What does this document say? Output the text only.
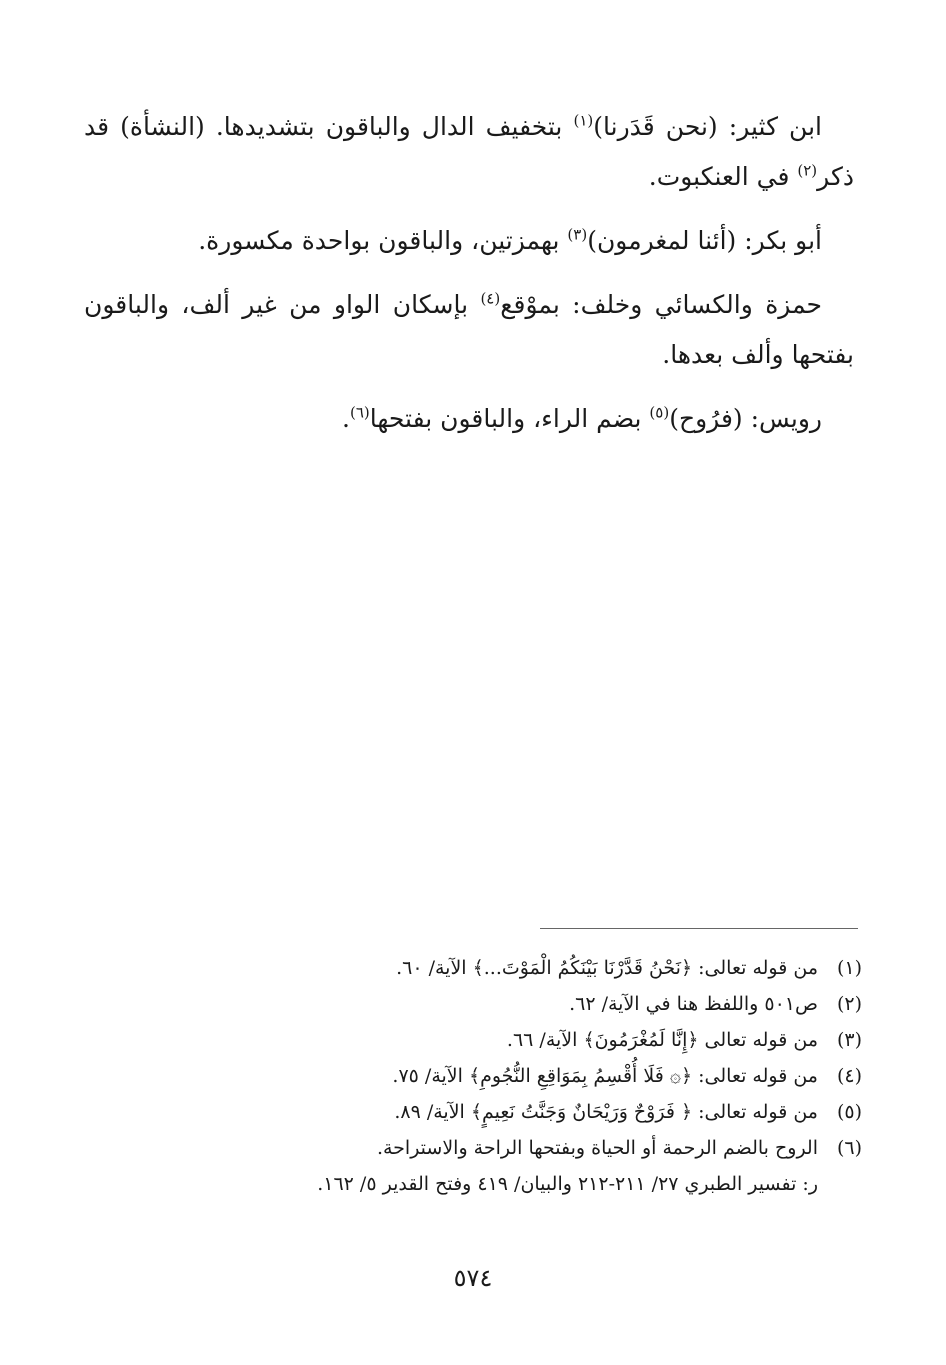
ابن كثير: (نحن قَدَرنا)$^{(١)}$ بتخفيف الدال والباقون بتشديدها. (النشأة) قد ذكر$^{(٢)}$ في العنكبوت.

أبو بكر: (أئنا لمغرمون)$^{(٣)}$ بهمزتين، والباقون بواحدة مكسورة.

حمزة والكسائي وخلف: بموْقع$^{(٤)}$ بإسكان الواو من غير ألف، والباقون بفتحها وألف بعدها.

رويس: (فرُوح)$^{(٥)}$ بضم الراء، والباقون بفتحها$^{(٦)}$.

(١)
من قوله تعالى: ﴿نَحْنُ قَدَّرْنَا بَيْنَكُمُ الْمَوْتَ...﴾ الآية/ ٦٠.
(٢)
ص٥٠١ واللفظ هنا في الآية/ ٦٢.
(٣)
من قوله تعالى ﴿إِنَّا لَمُغْرَمُونَ﴾ الآية/ ٦٦.
(٤)
من قوله تعالى: ﴿۞ فَلَا أُقْسِمُ بِمَوَاقِعِ النُّجُومِ﴾ الآية/ ٧٥.
(٥)
من قوله تعالى: ﴿ فَرَوْحٌ وَرَيْحَانٌ وَجَنَّتُ نَعِيمٍ﴾ الآية/ ٨٩.
(٦)
الروح بالضم الرحمة أو الحياة وبفتحها الراحة والاستراحة.
ر: تفسير الطبري ٢٧/ ٢١١-٢١٢ والبيان/ ٤١٩ وفتح القدير ٥/ ١٦٢.
٥٧٤
